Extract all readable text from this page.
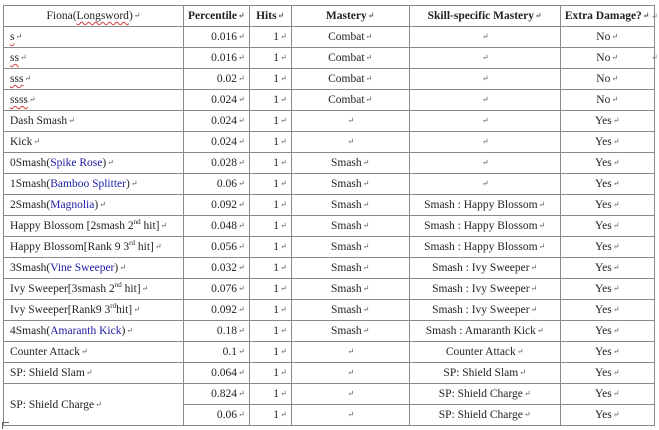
Fiona(Longsword)↵	Percentile↵	Hits↵	Mastery↵	Skill-specific Mastery↵	Extra Damage?↵
s↵	0.016↵	1↵	Combat↵	↵	No↵
ss↵	0.016↵	1↵	Combat↵	↵	No↵
sss↵	0.02↵	1↵	Combat↵	↵	No↵
ssss↵	0.024↵	1↵	Combat↵	↵	No↵
Dash Smash↵	0.024↵	1↵	↵	↵	Yes↵
Kick↵	0.024↵	1↵	↵	↵	Yes↵
0Smash(Spike Rose)↵	0.028↵	1↵	Smash↵	↵	Yes↵
1Smash(Bamboo Splitter)↵	0.06↵	1↵	Smash↵	↵	Yes↵
2Smash(Magnolia)↵	0.092↵	1↵	Smash↵	Smash : Happy Blossom↵	Yes↵
Happy Blossom [2smash 2nd hit]↵	0.048↵	1↵	Smash↵	Smash : Happy Blossom↵	Yes↵
Happy Blossom[Rank 9 3rd hit]↵	0.056↵	1↵	Smash↵	Smash : Happy Blossom↵	Yes↵
3Smash(Vine Sweeper)↵	0.032↵	1↵	Smash↵	Smash : Ivy Sweeper↵	Yes↵
Ivy Sweeper[3smash 2nd hit]↵	0.076↵	1↵	Smash↵	Smash : Ivy Sweeper↵	Yes↵
Ivy Sweeper[Rank9 3rdhit]↵	0.092↵	1↵	Smash↵	Smash : Ivy Sweeper↵	Yes↵
4Smash(Amaranth Kick)↵	0.18↵	1↵	Smash↵	Smash : Amaranth Kick↵	Yes↵
Counter Attack↵	0.1↵	1↵	↵	Counter Attack↵	Yes↵
SP: Shield Slam↵	0.064↵	1↵	↵	SP: Shield Slam↵	Yes↵
SP: Shield Charge↵	0.824↵	1↵	↵	SP: Shield Charge↵	Yes↵
	0.06↵	1↵	↵	SP: Shield Charge↵	Yes↵
↵
↵
